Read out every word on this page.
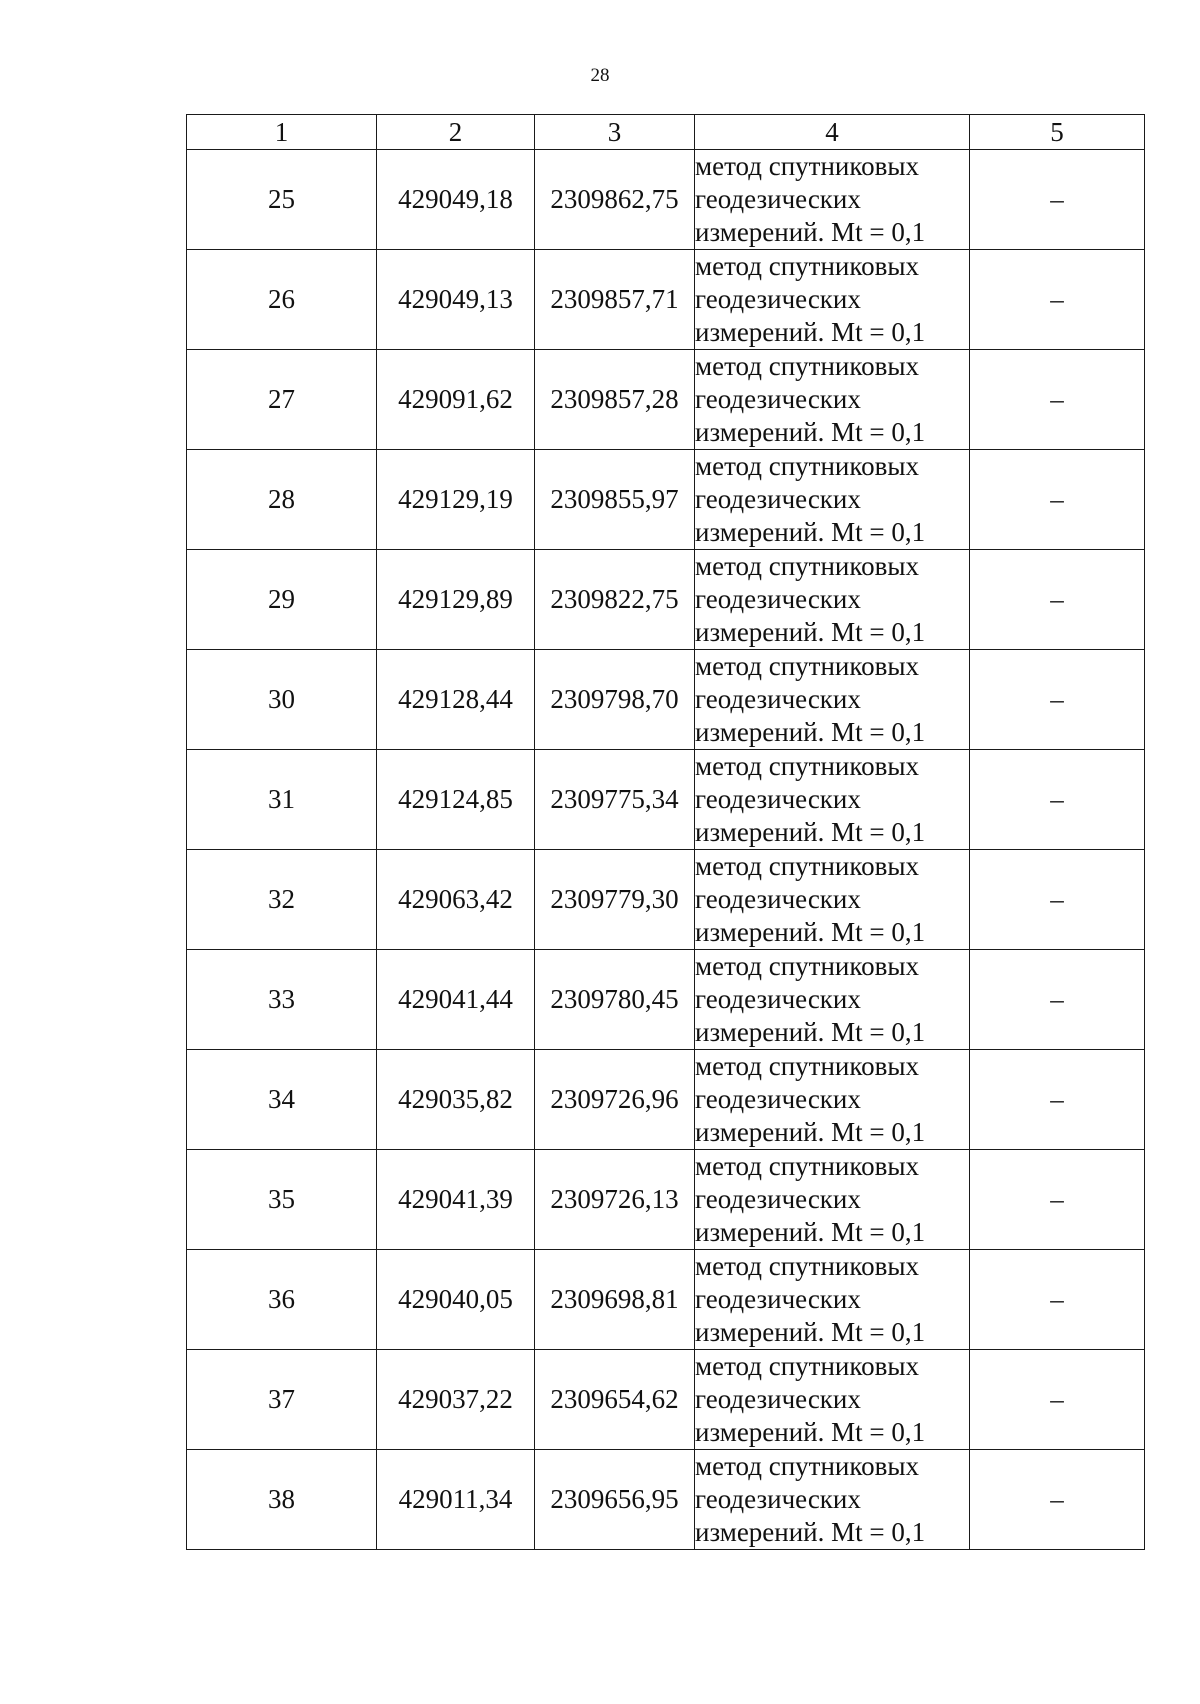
28
1	2	3	4	5
25	429049,18	2309862,75	метод спутниковых
геодезических
измерений. Mt = 0,1	–
26	429049,13	2309857,71	метод спутниковых
геодезических
измерений. Mt = 0,1	–
27	429091,62	2309857,28	метод спутниковых
геодезических
измерений. Mt = 0,1	–
28	429129,19	2309855,97	метод спутниковых
геодезических
измерений. Mt = 0,1	–
29	429129,89	2309822,75	метод спутниковых
геодезических
измерений. Mt = 0,1	–
30	429128,44	2309798,70	метод спутниковых
геодезических
измерений. Mt = 0,1	–
31	429124,85	2309775,34	метод спутниковых
геодезических
измерений. Mt = 0,1	–
32	429063,42	2309779,30	метод спутниковых
геодезических
измерений. Mt = 0,1	–
33	429041,44	2309780,45	метод спутниковых
геодезических
измерений. Mt = 0,1	–
34	429035,82	2309726,96	метод спутниковых
геодезических
измерений. Mt = 0,1	–
35	429041,39	2309726,13	метод спутниковых
геодезических
измерений. Mt = 0,1	–
36	429040,05	2309698,81	метод спутниковых
геодезических
измерений. Mt = 0,1	–
37	429037,22	2309654,62	метод спутниковых
геодезических
измерений. Mt = 0,1	–
38	429011,34	2309656,95	метод спутниковых
геодезических
измерений. Mt = 0,1	–
